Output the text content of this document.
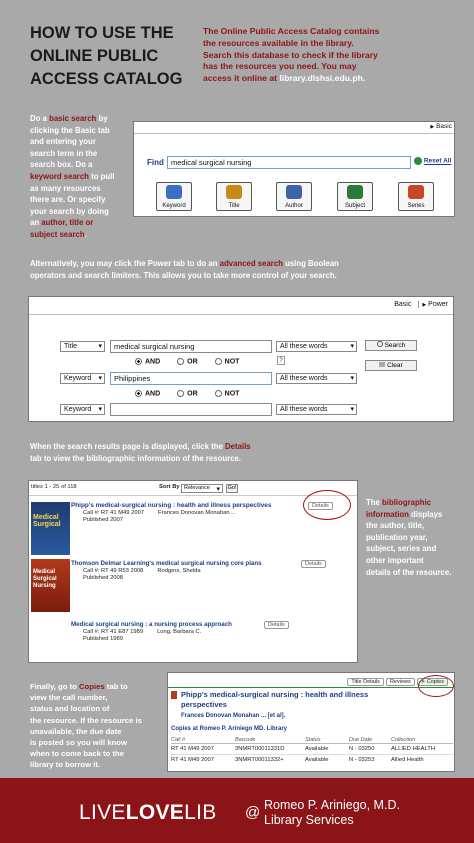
HOW TO USE THE
ONLINE PUBLIC
ACCESS CATALOG
The Online Public Access Catalog contains
the resources available in the library.
Search this database to check if the library
has the resources you need. You may
access it online at library.dlshsi.edu.ph.
Do a basic search by
clicking the Basic tab
and entering your
search term in the
search box. Do a
keyword search to pull
as many resources
there are. Or specify
your search by doing
an author, title or
subject search.
▶ Basic
Find medical surgical nursing	Reset All
Keyword	Title	Author	Subject	Series
Alternatively, you may click the Power tab to do an advanced search using Boolean
operators and search limiters. This allows you to take more control of your search.
Basic	▶ Power
Title ▾	medical surgical nursing	All these words ▾
AND	OR	NOT	?
Keyword ▾	Philippines	All these words ▾
AND	OR	NOT
Keyword ▾	All these words ▾
Search
Clear
When the search results page is displayed, click the Details
tab to view the bibliographic information of the resource.
titles 1 - 25 of 118	Sort By Relevance ▾	Go!
Medical Surgical
Phipp's medical-surgical nursing : health and illness perspectives
Call #: RT 41 M49 2007 Frances Donovan Monahan ...
Published 2007
Details
Medical Surgical Nursing
Thomson Delmar Learning's medical surgical nursing core plans
Call #: RT 49 R53 2008 Rodgers, Shelda
Published 2008
Details
Medical surgical nursing : a nursing process approach
Call #: RT 41 E87 1989 Long, Barbara C.
Published 1989
Details
The bibliographic
information displays
the author, title,
publication year,
subject, series and
other important
details of the resource.
Finally, go to Copies tab to
view the call number,
status and location of
the resource. If the resource is
unavailable, the due date
is posted so you will know
when to come back to the
library to borrow it.
Title Details	Reviews	➤ Copies
Phipp's medical-surgical nursing : health and illness perspectives
Frances Donovan Monahan ... [et al].
Copies at Romeo P. Ariniego MD. Library
Call #	Barcode	Status	Due Date	Collection
RT 41 M49 2007	3NMRT00011331D	Available	N - 03250	ALLIED HEALTH
RT 41 M49 2007	3NMRT00011332+	Available	N - 03253	Allied Health
LIVELOVELIB @ Romeo P. Ariniego, M.D.
Library Services
